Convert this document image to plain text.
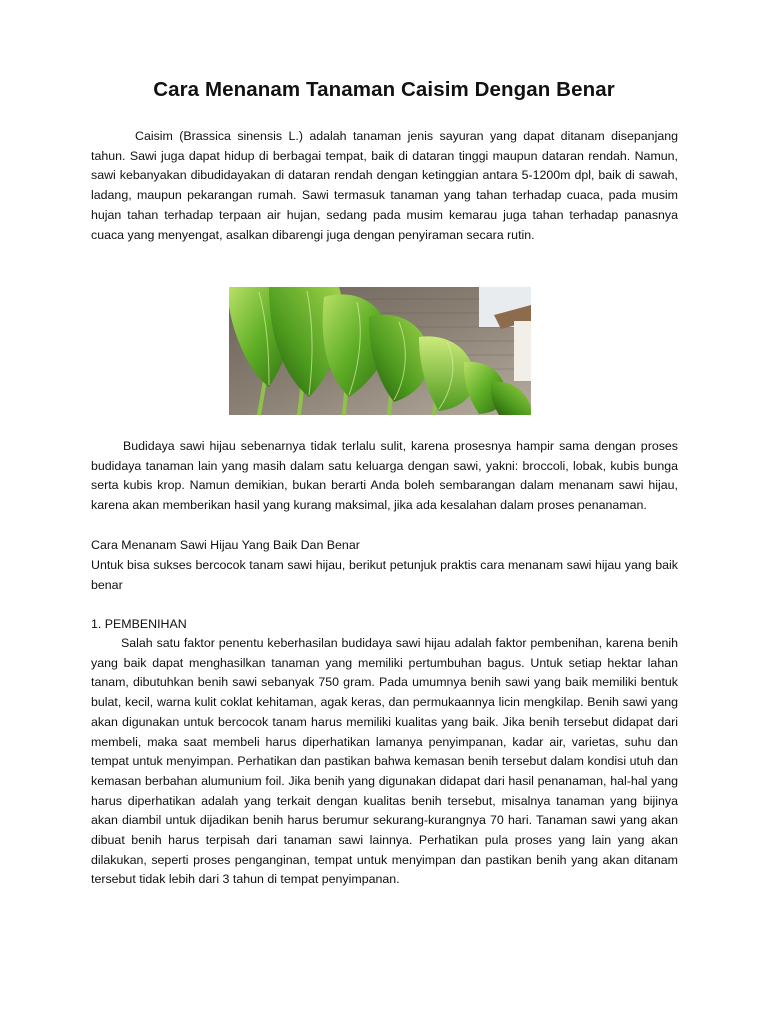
Cara Menanam Tanaman Caisim Dengan Benar

Caisim (Brassica sinensis L.) adalah tanaman jenis sayuran yang dapat ditanam disepanjang tahun. Sawi juga dapat hidup di berbagai tempat, baik di dataran tinggi maupun dataran rendah. Namun, sawi kebanyakan dibudidayakan di dataran rendah dengan ketinggian antara 5-1200m dpl, baik di sawah, ladang, maupun pekarangan rumah. Sawi termasuk tanaman yang tahan terhadap cuaca, pada musim hujan tahan terhadap terpaan air hujan, sedang pada musim kemarau juga tahan terhadap panasnya cuaca yang menyengat, asalkan dibarengi juga dengan penyiraman secara rutin.

Budidaya sawi hijau sebenarnya tidak terlalu sulit, karena prosesnya hampir sama dengan proses budidaya tanaman lain yang masih dalam satu keluarga dengan sawi, yakni: broccoli, lobak, kubis bunga serta kubis krop. Namun demikian, bukan berarti Anda boleh sembarangan dalam menanam sawi hijau, karena akan memberikan hasil yang kurang maksimal, jika ada kesalahan dalam proses penanaman.

Cara Menanam Sawi Hijau Yang Baik Dan Benar

Untuk bisa sukses bercocok tanam sawi hijau, berikut petunjuk praktis cara menanam sawi hijau yang baik benar

1. PEMBENIHAN

Salah satu faktor penentu keberhasilan budidaya sawi hijau adalah faktor pembenihan, karena benih yang baik dapat menghasilkan tanaman yang memiliki pertumbuhan bagus. Untuk setiap hektar lahan tanam, dibutuhkan benih sawi sebanyak 750 gram. Pada umumnya benih sawi yang baik memiliki bentuk bulat, kecil, warna kulit coklat kehitaman, agak keras, dan permukaannya licin mengkilap. Benih sawi yang akan digunakan untuk bercocok tanam harus memiliki kualitas yang baik. Jika benih tersebut didapat dari membeli, maka saat membeli harus diperhatikan lamanya penyimpanan, kadar air, varietas, suhu dan tempat untuk menyimpan. Perhatikan dan pastikan bahwa kemasan benih tersebut dalam kondisi utuh dan kemasan berbahan alumunium foil. Jika benih yang digunakan didapat dari hasil penanaman, hal-hal yang harus diperhatikan adalah yang terkait dengan kualitas benih tersebut, misalnya tanaman yang bijinya akan diambil untuk dijadikan benih harus berumur sekurang-kurangnya 70 hari. Tanaman sawi yang akan dibuat benih harus terpisah dari tanaman sawi lainnya. Perhatikan pula proses yang lain yang akan dilakukan, seperti proses penganginan, tempat untuk menyimpan dan pastikan benih yang akan ditanam tersebut tidak lebih dari 3 tahun di tempat penyimpanan.
